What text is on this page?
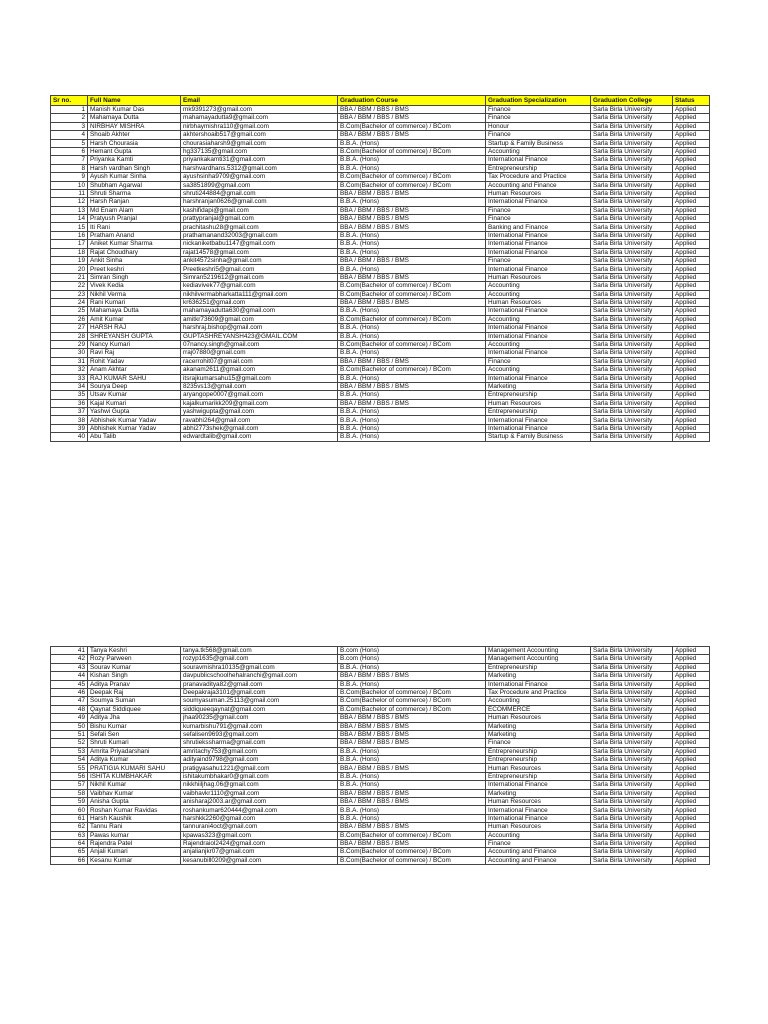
Sr no.	Full Name	Email	Graduation Course	Graduation Specialization	Graduation College	Status
1	Manish Kumar Das	mk9391273@gmail.com	BBA / BBM / BBS / BMS	Finance	Sarla Birla University	Applied
2	Mahamaya Dutta	mahamayadutta9@gmail.com	BBA / BBM / BBS / BMS	Finance	Sarla Birla University	Applied
3	NIRBHAY MISHRA	nirbhaymishra110@gmail.com	B.Com(Bachelor of commerce) / BCom	Honour	Sarla Birla University	Applied
4	Shoaib Akhter	akhtershoaib517@gmail.com	BBA / BBM / BBS / BMS	Finance	Sarla Birla University	Applied
5	Harsh Chourasia	chourasiaharsh9@gmail.com	B.B.A. (Hons)	Startup & Family Business	Sarla Birla University	Applied
6	Hemant Gupta	hg337135@gmail.com	B.Com(Bachelor of commerce) / BCom	Accounting	Sarla Birla University	Applied
7	Priyanka Kamti	priyankakamti31@gmail.com	B.B.A. (Hons)	International Finance	Sarla Birla University	Applied
8	Harsh vardhan Singh	harshvardhans.5312@gmail.com	B.B.A. (Hons)	Entrepreneurship	Sarla Birla University	Applied
9	Ayush Kumar Sinha	ayushsinha9709@gmail.com	B.Com(Bachelor of commerce) / BCom	Tax Procedure and Practice	Sarla Birla University	Applied
10	Shubham Agarwal	sa3851899@gmail.com	B.Com(Bachelor of commerce) / BCom	Accounting and Finance	Sarla Birla University	Applied
11	Shruti Sharma	shruti244884@gmail.com	BBA / BBM / BBS / BMS	Human Resources	Sarla Birla University	Applied
12	Harsh Ranjan	harshranjan0626@gmail.com	B.B.A. (Hons)	International Finance	Sarla Birla University	Applied
13	Md Enam Alam	kashifidapi@gmail.com	BBA / BBM / BBS / BMS	Finance	Sarla Birla University	Applied
14	Pratyush Pranjal	prattypranjal@gmail.com	BBA / BBM / BBS / BMS	Finance	Sarla Birla University	Applied
15	Iti Rani	prachitashu28@gmail.com	BBA / BBM / BBS / BMS	Banking and Finance	Sarla Birla University	Applied
16	Pratham Anand	prathamanand32003@gmail.com	B.B.A. (Hons)	International Finance	Sarla Birla University	Applied
17	Aniket Kumar Sharma	nickaniketbabu1147@gmail.com	B.B.A. (Hons)	International Finance	Sarla Birla University	Applied
18	Rajat Choudhary	rajat14578@gmail.com	B.B.A. (Hons)	International Finance	Sarla Birla University	Applied
19	Ankit Sinha	ankit4572sinha@gmail.com	BBA / BBM / BBS / BMS	Finance	Sarla Birla University	Applied
20	Preet keshri	Preetkeshri5@gmail.com	B.B.A. (Hons)	International Finance	Sarla Birla University	Applied
21	Simran Singh	Simran5219612@gmail.com	BBA / BBM / BBS / BMS	Human Resources	Sarla Birla University	Applied
22	Vivek Kedia	kediavivek77@gmail.com	B.Com(Bachelor of commerce) / BCom	Accounting	Sarla Birla University	Applied
23	Nikhil Verma	nikhilvermabharkatta111@gmail.com	B.Com(Bachelor of commerce) / BCom	Accounting	Sarla Birla University	Applied
24	Rani Kumari	kr636251@gmail.com	BBA / BBM / BBS / BMS	Human Resources	Sarla Birla University	Applied
25	Mahamaya Dutta	mahamayadutta630@gmail.com	B.B.A. (Hons)	International Finance	Sarla Birla University	Applied
26	Amit Kumar	amitkr73609@gmail.com	B.Com(Bachelor of commerce) / BCom	Accounting	Sarla Birla University	Applied
27	HARSH RAJ	harshraj.bishop@gmail.com	B.B.A. (Hons)	International Finance	Sarla Birla University	Applied
28	SHREYANSH GUPTA	GUPTASHREYANSH423@GMAIL.COM	B.B.A. (Hons)	International Finance	Sarla Birla University	Applied
29	Nancy Kumari	07nancy.singh@gmail.com	B.Com(Bachelor of commerce) / BCom	Accounting	Sarla Birla University	Applied
30	Ravi Raj	rraj07880@gmail.com	B.B.A. (Hons)	International Finance	Sarla Birla University	Applied
31	Rohit Yadav	racerrohit07@gmail.com	BBA / BBM / BBS / BMS	Finance	Sarla Birla University	Applied
32	Anam Akhtar	akanam2611@gmail.com	B.Com(Bachelor of commerce) / BCom	Accounting	Sarla Birla University	Applied
33	RAJ KUMAR SAHU	itsrajkumarsahu15@gmail.com	B.B.A. (Hons)	International Finance	Sarla Birla University	Applied
34	Sourya Deep	8235vs13@gmail.com	BBA / BBM / BBS / BMS	Marketing	Sarla Birla University	Applied
35	Utsav Kumar	aryangope0007@gmail.com	B.B.A. (Hons)	Entrepreneurship	Sarla Birla University	Applied
36	Kajal Kumari	kajalkumarikk209@gmail.com	BBA / BBM / BBS / BMS	Human Resources	Sarla Birla University	Applied
37	Yashwi Gupta	yashwigupta@gmail.com	B.B.A. (Hons)	Entrepreneurship	Sarla Birla University	Applied
38	Abhishek Kumar Yadav	ravabhi264@gmail.com	B.B.A. (Hons)	International Finance	Sarla Birla University	Applied
39	Abhishek Kumar Yadav	abhi2773shek@gmail.com	B.B.A. (Hons)	International Finance	Sarla Birla University	Applied
40	Abu Talib	edwardtalib@gmail.com	B.B.A. (Hons)	Startup & Family Business	Sarla Birla University	Applied
41	Tanya Keshri	tanya.tk568@gmail.com	B.com (Hons)	Management Accounting	Sarla Birla University	Applied
42	Rozy Parween	rozyp1635@gmail.com	B.com (Hons)	Management Accounting	Sarla Birla University	Applied
43	Sourav Kumar	souravmishra10135@gmail.com	B.B.A. (Hons)	Entrepreneurship	Sarla Birla University	Applied
44	Kishan Singh	davpublicschoolhehalranchi@gmail.com	BBA / BBM / BBS / BMS	Marketing	Sarla Birla University	Applied
45	Aditya Pranav	pranavaditya82@gmail.com	B.B.A. (Hons)	International Finance	Sarla Birla University	Applied
46	Deepak Raj	Deepakraja3101@gmail.com	B.Com(Bachelor of commerce) / BCom	Tax Procedure and Practice	Sarla Birla University	Applied
47	Soumya Suman	soumyasuman.25113@gmail.com	B.Com(Bachelor of commerce) / BCom	Accounting	Sarla Birla University	Applied
48	Qaynat Siddiquee	siddiqueeqaynat@gmail.com	B.Com(Bachelor of commerce) / BCom	ECOMMERCE	Sarla Birla University	Applied
49	Aditya Jha	jhaa90235@gmail.com	BBA / BBM / BBS / BMS	Human Resources	Sarla Birla University	Applied
50	Bishu Kumar	kumarbishu791@gmail.com	BBA / BBM / BBS / BMS	Marketing	Sarla Birla University	Applied
51	Sefali Sen	sefalisen9693@gmail.com	BBA / BBM / BBS / BMS	Marketing	Sarla Birla University	Applied
52	Shruti Kumari	shrutiekssharma@gmail.com	BBA / BBM / BBS / BMS	Finance	Sarla Birla University	Applied
53	Amrita Priyadarshani	amritachy753@gmail.com	B.B.A. (Hons)	Entrepreneurship	Sarla Birla University	Applied
54	Aditya Kumar	adityaind9798@gmail.com	B.B.A. (Hons)	Entrepreneurship	Sarla Birla University	Applied
55	PRATIGIA KUMARI SAHU	pratigyasahu1221@gmail.com	BBA / BBM / BBS / BMS	Human Resources	Sarla Birla University	Applied
56	ISHITA KUMBHAKAR	ishitakumbhakar0@gmail.com	B.B.A. (Hons)	Entrepreneurship	Sarla Birla University	Applied
57	Nikhil Kumar	nikkhiiljhag.06@gmail.com	B.B.A. (Hons)	International Finance	Sarla Birla University	Applied
58	Vaibhav Kumar	vaibhavkr1110@gmail.com	BBA / BBM / BBS / BMS	Marketing	Sarla Birla University	Applied
59	Anisha Gupta	anisharaj2003.ar@gmail.com	BBA / BBM / BBS / BMS	Human Resources	Sarla Birla University	Applied
60	Roshan Kumar Ravidas	roshankumar620444@gmail.com	B.B.A. (Hons)	International Finance	Sarla Birla University	Applied
61	Harsh Kaushik	harshkk2260@gmail.com	B.B.A. (Hons)	International Finance	Sarla Birla University	Applied
62	Tannu Rani	tannurani4oct@gmail.com	BBA / BBM / BBS / BMS	Human Resources	Sarla Birla University	Applied
63	Pawas kumar	kpawas323@gmail.com	B.Com(Bachelor of commerce) / BCom	Accounting	Sarla Birla University	Applied
64	Rajendra Patel	Rajendraiol2424@gmail.com	BBA / BBM / BBS / BMS	Finance	Sarla Birla University	Applied
65	Anjali Kumari	anjalianjkr07@gmail.com	B.Com(Bachelor of commerce) / BCom	Accounting and Finance	Sarla Birla University	Applied
66	Kesanu Kumar	kesanubill0209@gmail.com	B.Com(Bachelor of commerce) / BCom	Accounting and Finance	Sarla Birla University	Applied
